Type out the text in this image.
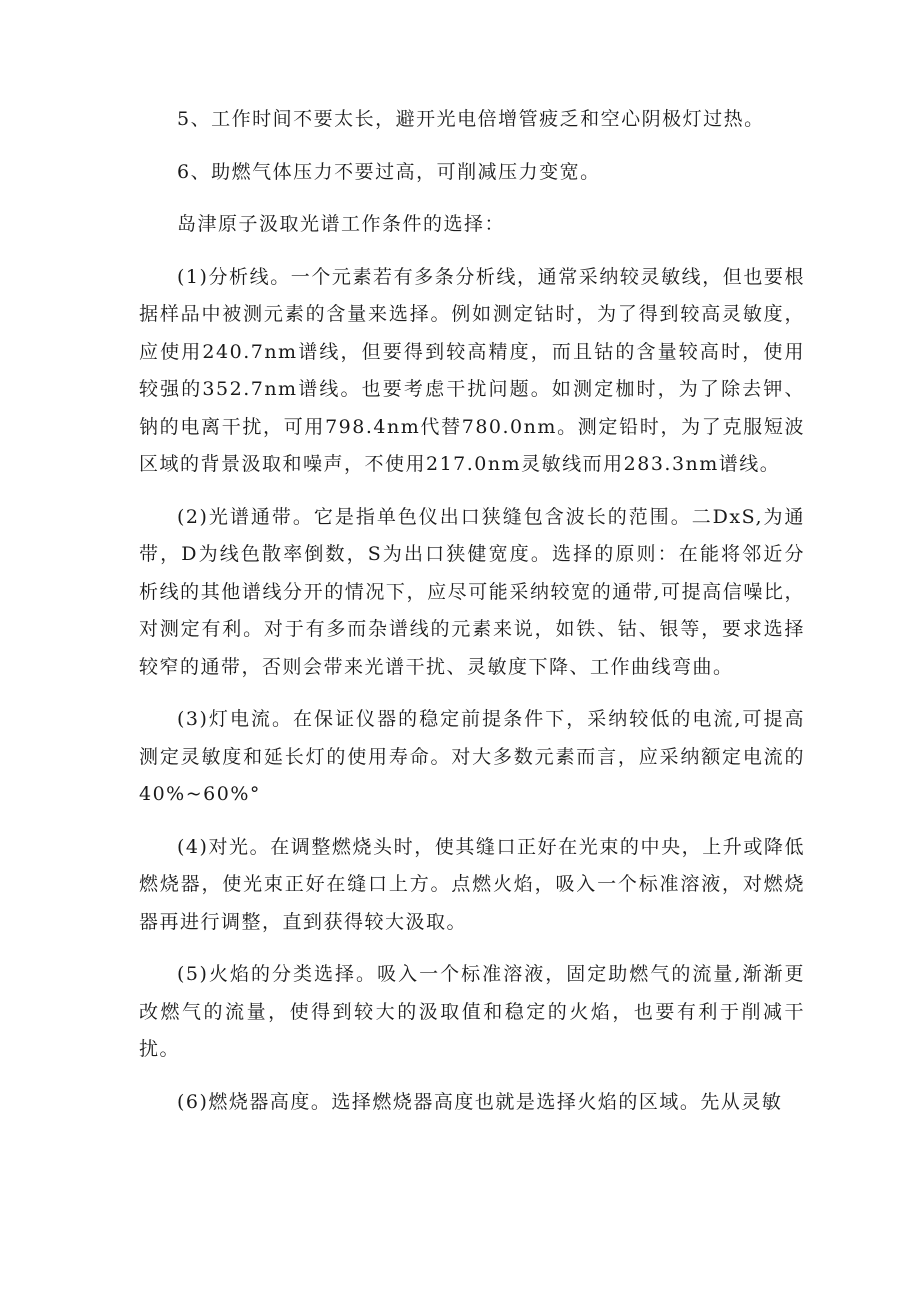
5、工作时间不要太长，避开光电倍增管疲乏和空心阴极灯过热。

6、助燃气体压力不要过高，可削减压力变宽。

岛津原子汲取光谱工作条件的选择：

(1)分析线。一个元素若有多条分析线，通常采纳较灵敏线，但也要根据样品中被测元素的含量来选择。例如测定钴时，为了得到较高灵敏度，应使用240.7nm谱线，但要得到较高精度，而且钴的含量较高时，使用较强的352.7nm谱线。也要考虑干扰问题。如测定枷时，为了除去钾、钠的电离干扰，可用798.4nm代替780.0nm。测定铅时，为了克服短波区域的背景汲取和噪声，不使用217.0nm灵敏线而用283.3nm谱线。

(2)光谱通带。它是指单色仪出口狭缝包含波长的范围。二DxS,为通带，D为线色散率倒数，S为出口狭健宽度。选择的原则：在能将邻近分析线的其他谱线分开的情况下，应尽可能采纳较宽的通带,可提高信噪比，对测定有利。对于有多而杂谱线的元素来说，如铁、钴、银等，要求选择较窄的通带，否则会带来光谱干扰、灵敏度下降、工作曲线弯曲。

(3)灯电流。在保证仪器的稳定前提条件下，采纳较低的电流,可提高测定灵敏度和延长灯的使用寿命。对大多数元素而言，应采纳额定电流的40%~60%°

(4)对光。在调整燃烧头时，使其缝口正好在光束的中央，上升或降低燃烧器，使光束正好在缝口上方。点燃火焰，吸入一个标准溶液，对燃烧器再进行调整，直到获得较大汲取。

(5)火焰的分类选择。吸入一个标准溶液，固定助燃气的流量,渐渐更改燃气的流量，使得到较大的汲取值和稳定的火焰，也要有利于削减干扰。

(6)燃烧器高度。选择燃烧器高度也就是选择火焰的区域。先从灵敏
